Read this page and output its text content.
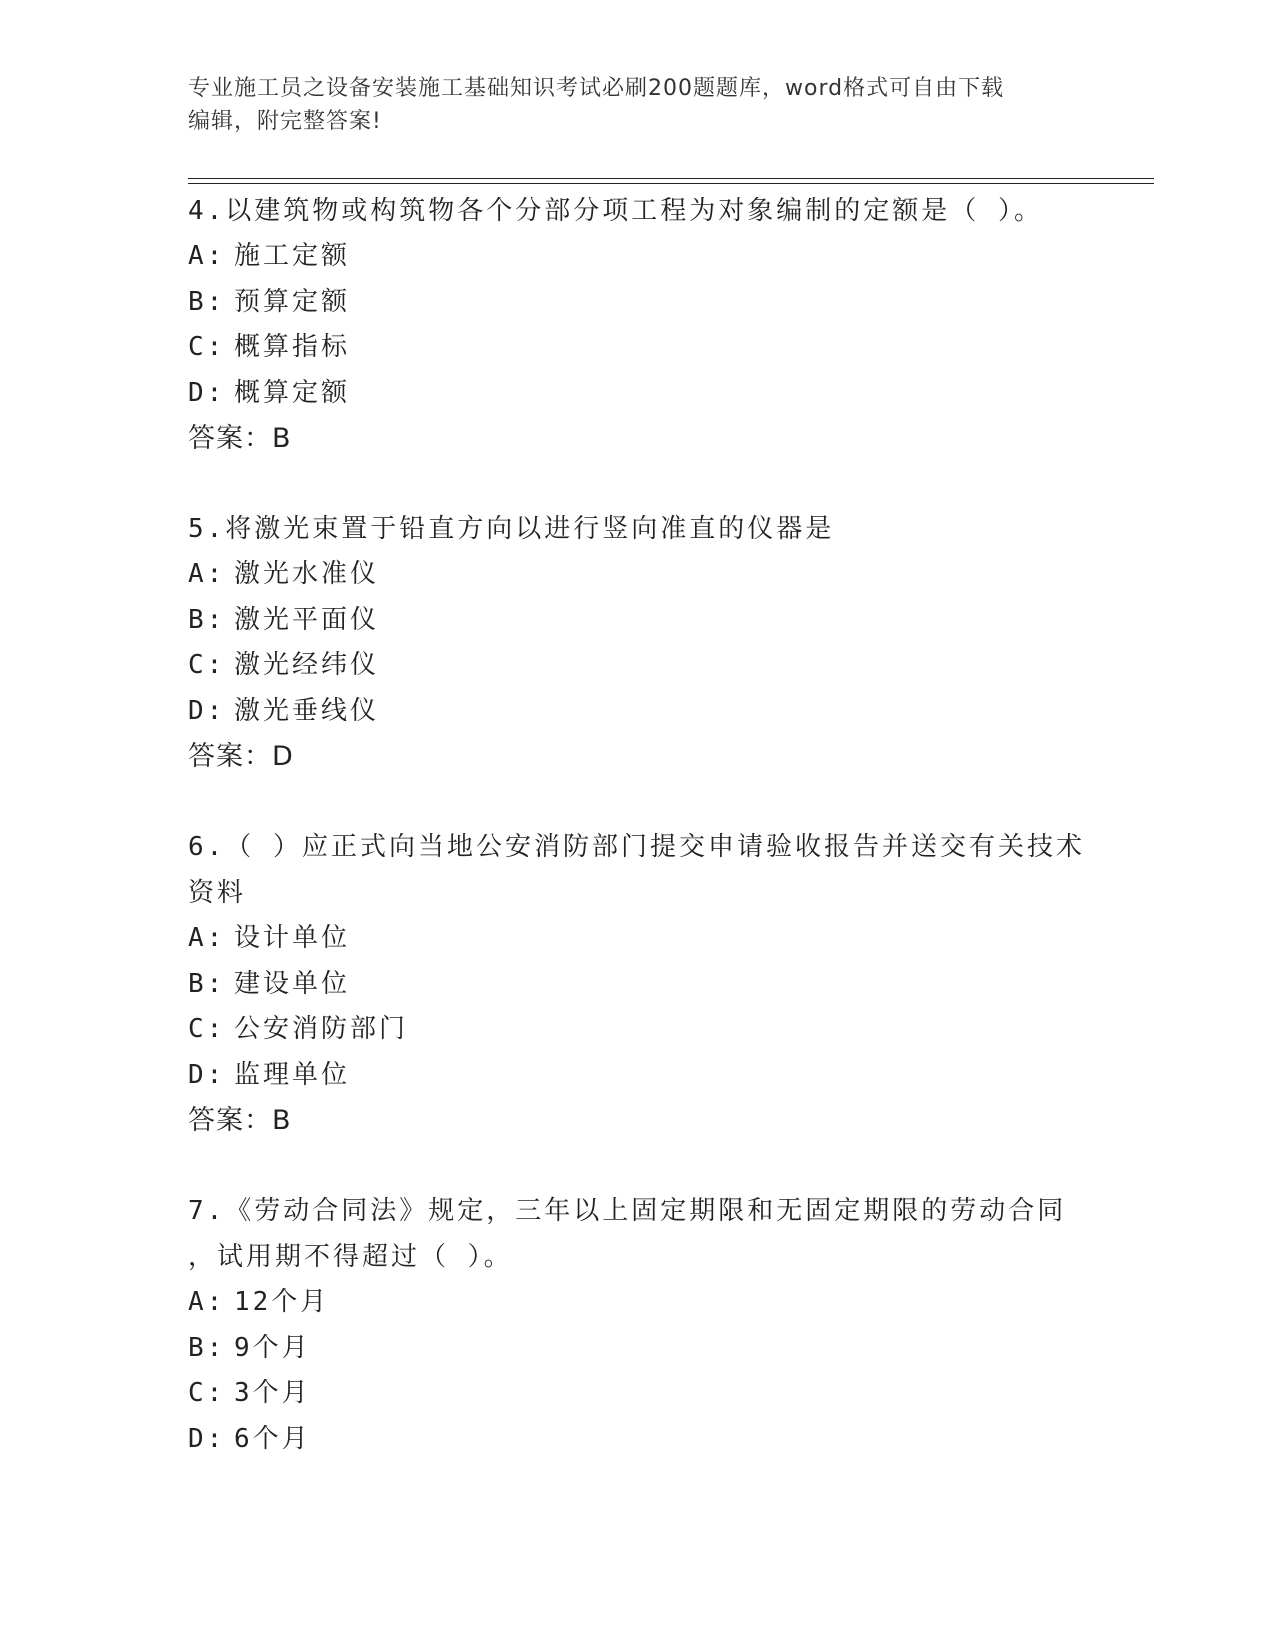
专业施工员之设备安装施工基础知识考试必刷200题题库，word格式可自由下载
编辑，附完整答案!

4.以建筑物或构筑物各个分部分项工程为对象编制的定额是（ ）。

A: 施工定额

B: 预算定额

C: 概算指标

D: 概算定额

答案：B

5.将激光束置于铅直方向以进行竖向准直的仪器是

A: 激光水准仪

B: 激光平面仪

C: 激光经纬仪

D: 激光垂线仪

答案：D

6.（ ）应正式向当地公安消防部门提交申请验收报告并送交有关技术

资料

A: 设计单位

B: 建设单位

C: 公安消防部门

D: 监理单位

答案：B

7.《劳动合同法》规定，三年以上固定期限和无固定期限的劳动合同

，试用期不得超过（ ）。

A: 12个月

B: 9个月

C: 3个月

D: 6个月
